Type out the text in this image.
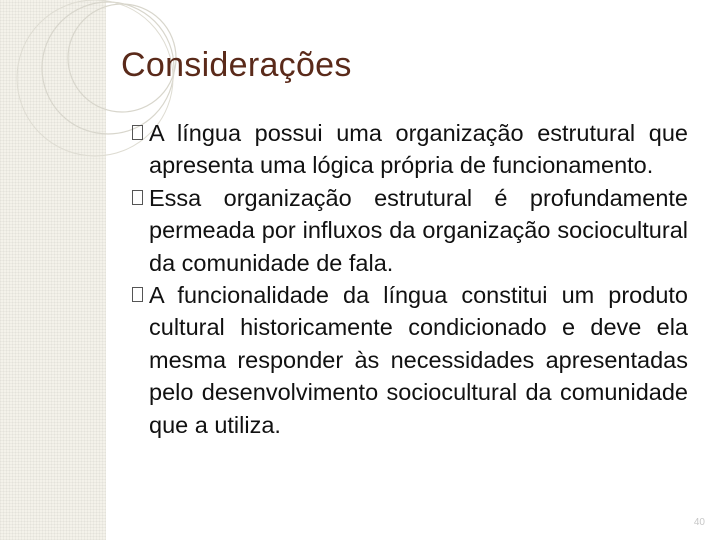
Considerações
A língua possui uma organização estrutural que apresenta uma lógica própria de funcionamento.
Essa organização estrutural é profundamente permeada por influxos da organização sociocultural da comunidade de fala.
A funcionalidade da língua constitui um produto cultural historicamente condicionado e deve ela mesma responder às necessidades apresentadas pelo desenvolvimento sociocultural da comunidade que a utiliza.
40
